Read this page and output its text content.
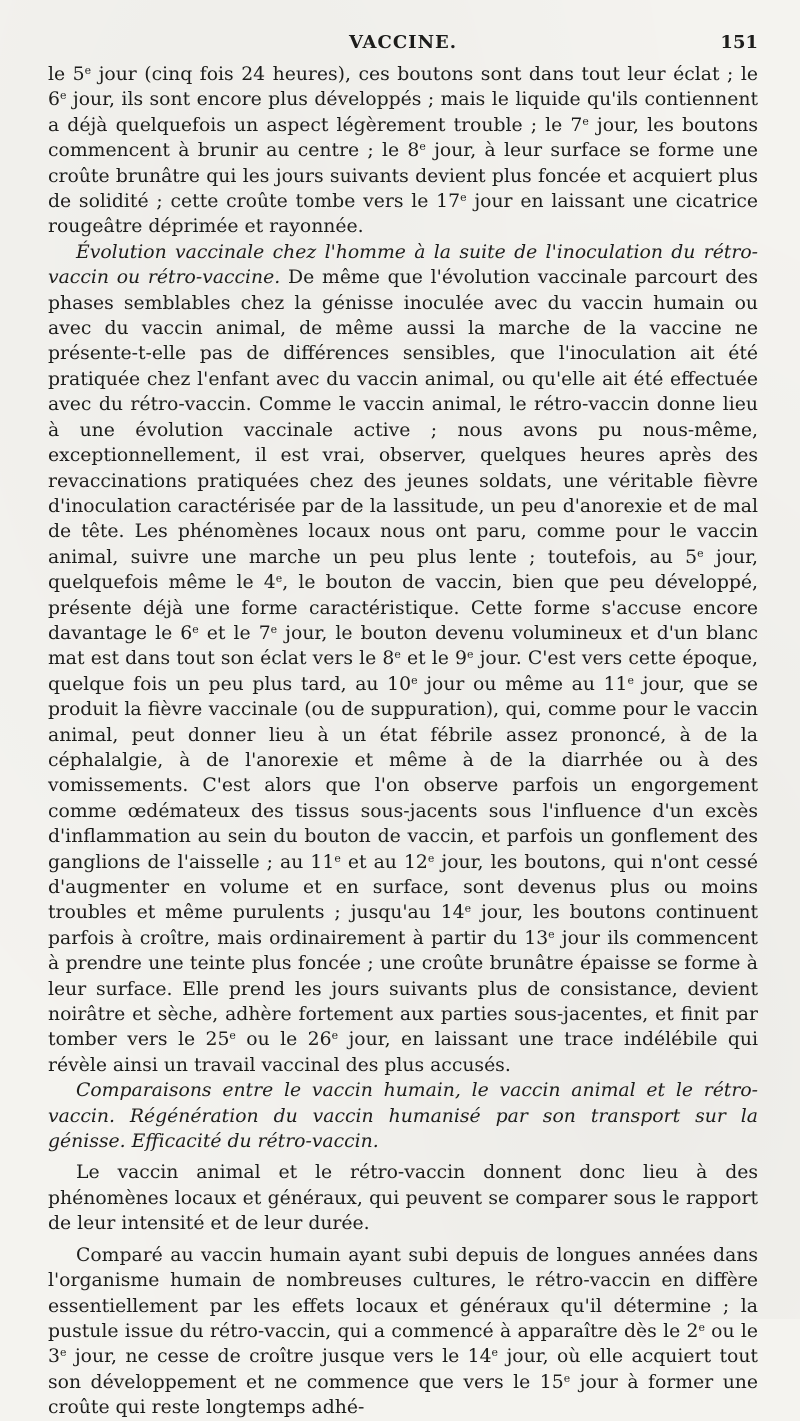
VACCINE.	151

le 5e jour (cinq fois 24 heures), ces boutons sont dans tout leur éclat ; le 6e jour, ils sont encore plus développés ; mais le liquide qu'ils contiennent a déjà quelquefois un aspect légèrement trouble ; le 7e jour, les boutons commencent à brunir au centre ; le 8e jour, à leur surface se forme une croûte brunâtre qui les jours suivants devient plus foncée et acquiert plus de solidité ; cette croûte tombe vers le 17e jour en laissant une cicatrice rougeâtre déprimée et rayonnée.

Évolution vaccinale chez l'homme à la suite de l'inoculation du rétro-vaccin ou rétro-vaccine. De même que l'évolution vaccinale parcourt des phases semblables chez la génisse inoculée avec du vaccin humain ou avec du vaccin animal, de même aussi la marche de la vaccine ne présente-t-elle pas de différences sensibles, que l'inoculation ait été pratiquée chez l'enfant avec du vaccin animal, ou qu'elle ait été effectuée avec du rétro-vaccin. Comme le vaccin animal, le rétro-vaccin donne lieu à une évolution vaccinale active ; nous avons pu nous-même, exceptionnellement, il est vrai, observer, quelques heures après des revaccinations pratiquées chez des jeunes soldats, une véritable fièvre d'inoculation caractérisée par de la lassitude, un peu d'anorexie et de mal de tête. Les phénomènes locaux nous ont paru, comme pour le vaccin animal, suivre une marche un peu plus lente ; toutefois, au 5e jour, quelquefois même le 4e, le bouton de vaccin, bien que peu développé, présente déjà une forme caractéristique. Cette forme s'accuse encore davantage le 6e et le 7e jour, le bouton devenu volumineux et d'un blanc mat est dans tout son éclat vers le 8e et le 9e jour. C'est vers cette époque, quelque fois un peu plus tard, au 10e jour ou même au 11e jour, que se produit la fièvre vaccinale (ou de suppuration), qui, comme pour le vaccin animal, peut donner lieu à un état fébrile assez prononcé, à de la céphalalgie, à de l'anorexie et même à de la diarrhée ou à des vomissements. C'est alors que l'on observe parfois un engorgement comme œdémateux des tissus sous-jacents sous l'influence d'un excès d'inflammation au sein du bouton de vaccin, et parfois un gonflement des ganglions de l'aisselle ; au 11e et au 12e jour, les boutons, qui n'ont cessé d'augmenter en volume et en surface, sont devenus plus ou moins troubles et même purulents ; jusqu'au 14e jour, les boutons continuent parfois à croître, mais ordinairement à partir du 13e jour ils commencent à prendre une teinte plus foncée ; une croûte brunâtre épaisse se forme à leur surface. Elle prend les jours suivants plus de consistance, devient noirâtre et sèche, adhère fortement aux parties sous-jacentes, et finit par tomber vers le 25e ou le 26e jour, en laissant une trace indélébile qui révèle ainsi un travail vaccinal des plus accusés.

Comparaisons entre le vaccin humain, le vaccin animal et le rétro-vaccin. Régénération du vaccin humanisé par son transport sur la génisse. Efficacité du rétro-vaccin.

Le vaccin animal et le rétro-vaccin donnent donc lieu à des phénomènes locaux et généraux, qui peuvent se comparer sous le rapport de leur intensité et de leur durée.

Comparé au vaccin humain ayant subi depuis de longues années dans l'organisme humain de nombreuses cultures, le rétro-vaccin en diffère essentiellement par les effets locaux et généraux qu'il détermine ; la pustule issue du rétro-vaccin, qui a commencé à apparaître dès le 2e ou le 3e jour, ne cesse de croître jusque vers le 14e jour, où elle acquiert tout son développement et ne commence que vers le 15e jour à former une croûte qui reste longtemps adhé-
